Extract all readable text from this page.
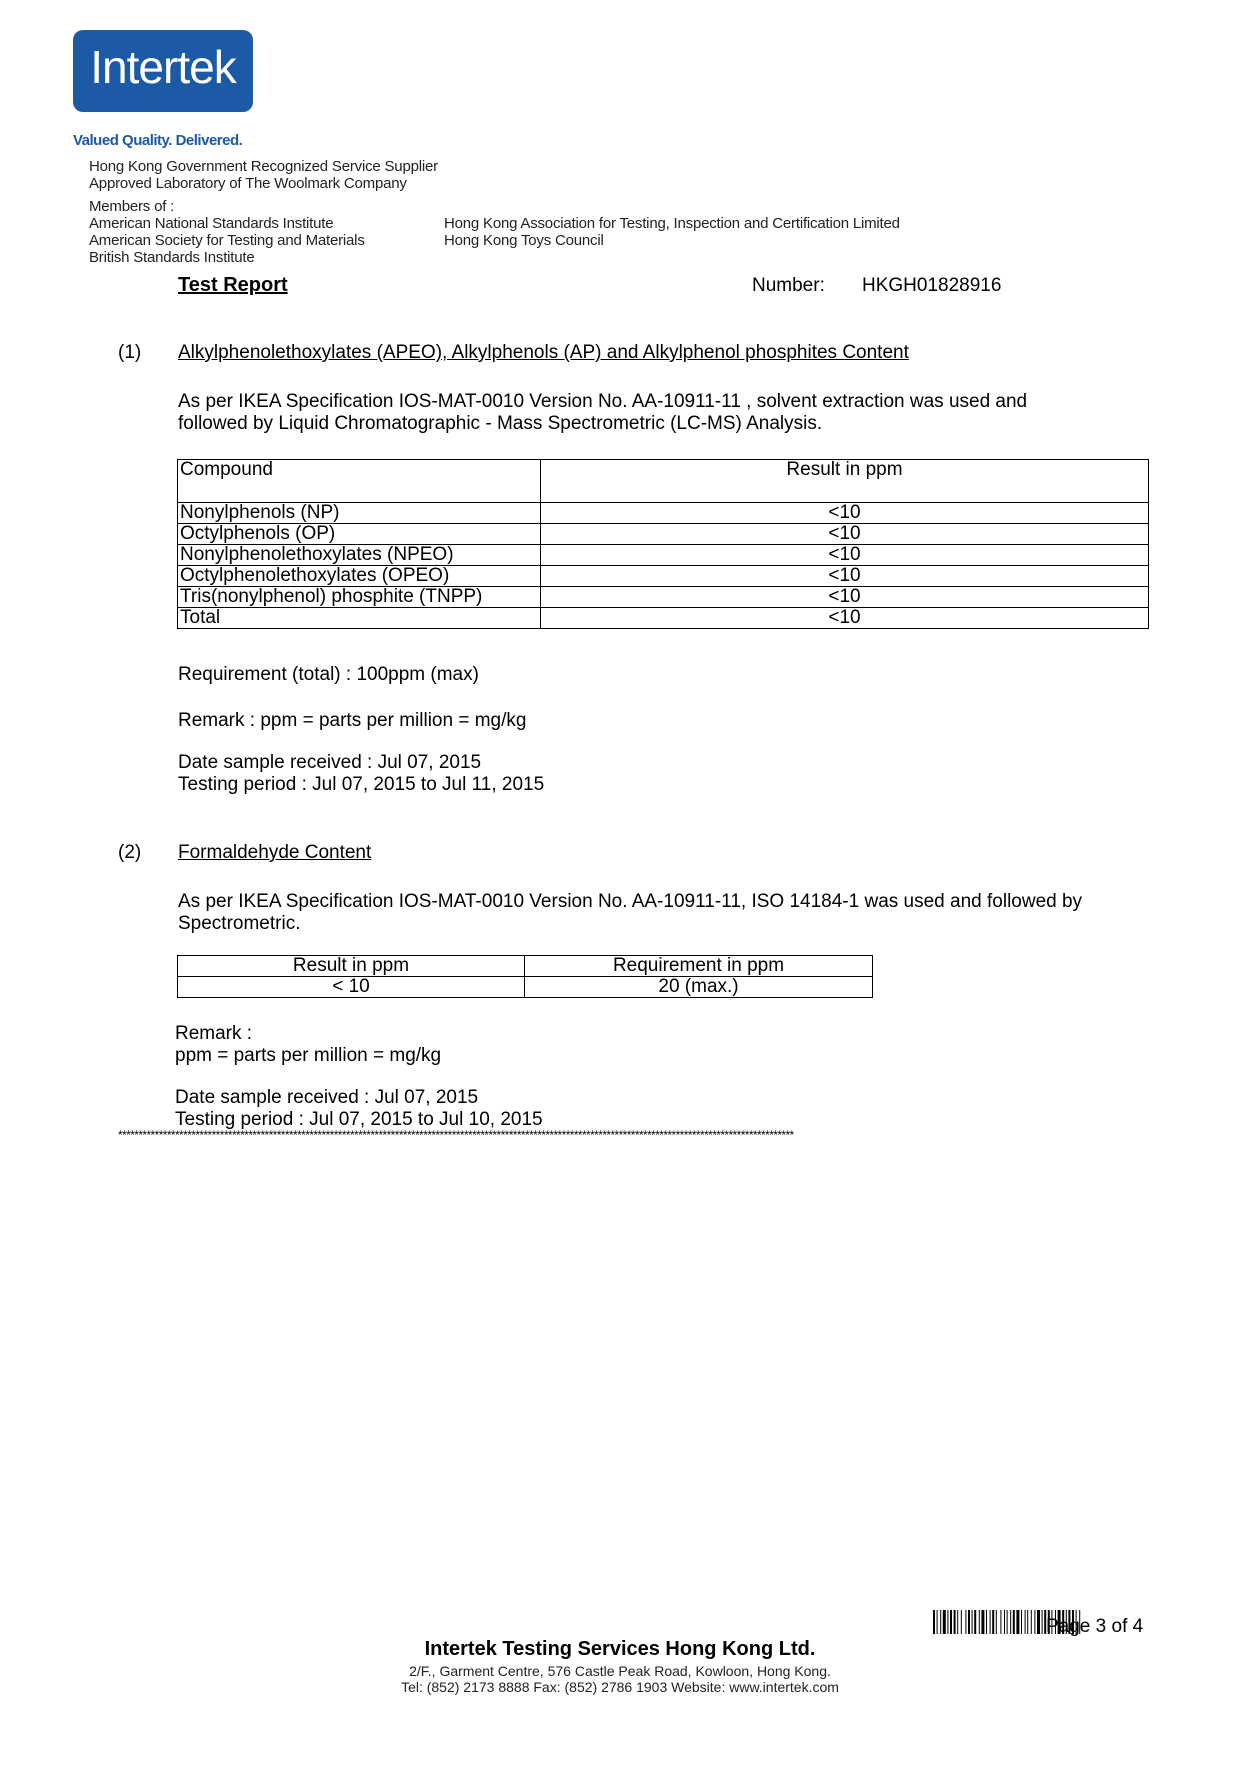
Intertek
Valued Quality. Delivered.
Hong Kong Government Recognized Service Supplier
Approved Laboratory of The Woolmark Company
Members of :
American National Standards Institute
American Society for Testing and Materials
British Standards Institute
Hong Kong Association for Testing, Inspection and Certification Limited
Hong Kong Toys Council
Test Report	Number: HKGH01828916
(1) Alkylphenolethoxylates (APEO), Alkylphenols (AP) and Alkylphenol phosphites Content
As per IKEA Specification IOS-MAT-0010 Version No. AA-10911-11 , solvent extraction was used and
followed by Liquid Chromatographic - Mass Spectrometric (LC-MS) Analysis.
Compound	Result in ppm
Nonylphenols (NP)	<10
Octylphenols (OP)	<10
Nonylphenolethoxylates (NPEO)	<10
Octylphenolethoxylates (OPEO)	<10
Tris(nonylphenol) phosphite (TNPP)	<10
Total	<10
Requirement (total) : 100ppm (max)
Remark : ppm = parts per million = mg/kg
Date sample received : Jul 07, 2015
Testing period : Jul 07, 2015 to Jul 11, 2015
(2) Formaldehyde Content
As per IKEA Specification IOS-MAT-0010 Version No. AA-10911-11, ISO 14184-1 was used and followed by
Spectrometric.
Result in ppm	Requirement in ppm
< 10	20 (max.)
Remark :
ppm = parts per million = mg/kg
Date sample received : Jul 07, 2015
Testing period : Jul 07, 2015 to Jul 10, 2015
**********************************************************************************************************************************************************************
Page 3 of 4
Intertek Testing Services Hong Kong Ltd.
2/F., Garment Centre, 576 Castle Peak Road, Kowloon, Hong Kong.
Tel: (852) 2173 8888 Fax: (852) 2786 1903 Website: www.intertek.com
